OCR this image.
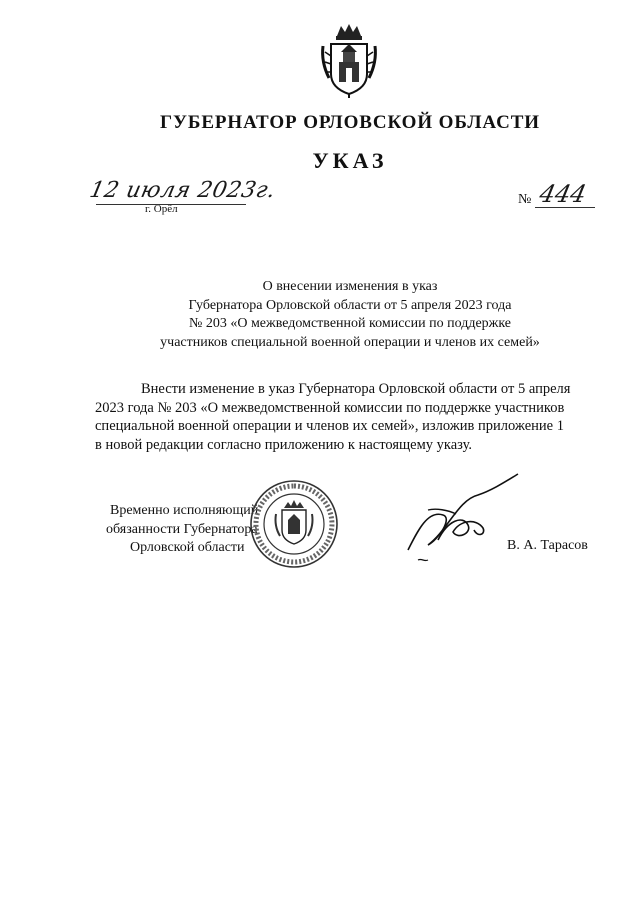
ГУБЕРНАТОР ОРЛОВСКОЙ ОБЛАСТИ
УКАЗ
12 июля 2023г.
г. Орёл
№ 444
О внесении изменения в указ
Губернатора Орловской области от 5 апреля 2023 года
№ 203 «О межведомственной комиссии по поддержке
участников специальной военной операции и членов их семей»
Внести изменение в указ Губернатора Орловской области от 5 апреля
2023 года № 203 «О межведомственной комиссии по поддержке участников
специальной военной операции и членов их семей», изложив приложение 1
в новой редакции согласно приложению к настоящему указу.
Временно исполняющий
обязанности Губернатора
Орловской области	В. А. Тарасов
